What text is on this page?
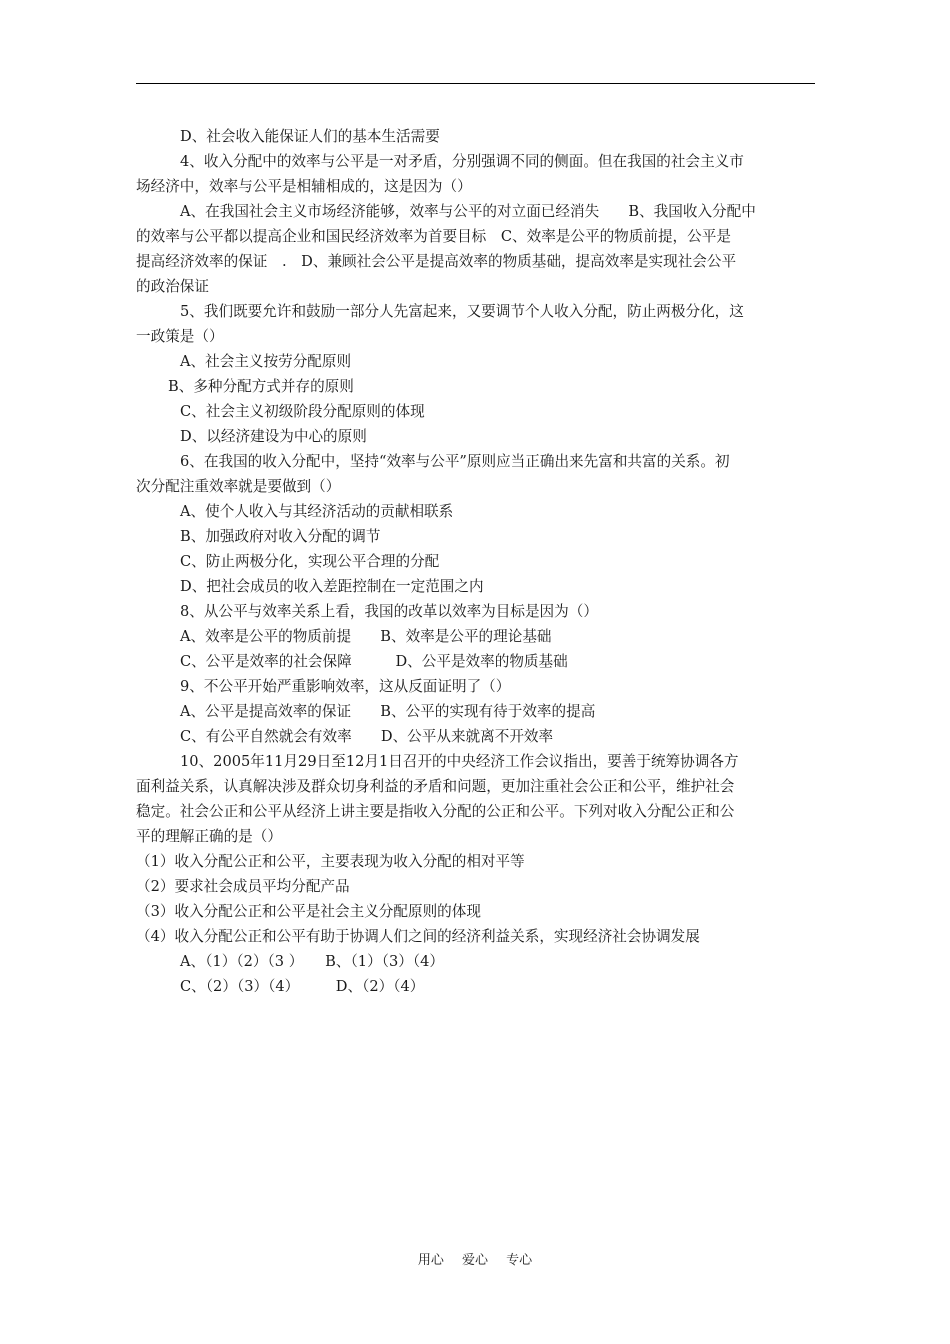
D、社会收入能保证人们的基本生活需要

4、收入分配中的效率与公平是一对矛盾，分别强调不同的侧面。但在我国的社会主义市

场经济中，效率与公平是相辅相成的，这是因为（）

A、在我国社会主义市场经济能够，效率与公平的对立面已经消失　　B、我国收入分配中

的效率与公平都以提高企业和国民经济效率为首要目标　C、效率是公平的物质前提，公平是

提高经济效率的保证　.　D、兼顾社会公平是提高效率的物质基础，提高效率是实现社会公平

的政治保证

5、我们既要允许和鼓励一部分人先富起来，又要调节个人收入分配，防止两极分化，这

一政策是（）

A、社会主义按劳分配原则

B、多种分配方式并存的原则

C、社会主义初级阶段分配原则的体现

D、以经济建设为中心的原则

6、在我国的收入分配中，坚持“效率与公平”原则应当正确出来先富和共富的关系。初

次分配注重效率就是要做到（）

A、使个人收入与其经济活动的贡献相联系

B、加强政府对收入分配的调节

C、防止两极分化，实现公平合理的分配

D、把社会成员的收入差距控制在一定范围之内

8、从公平与效率关系上看，我国的改革以效率为目标是因为（）

A、效率是公平的物质前提　　B、效率是公平的理论基础

C、公平是效率的社会保障　　　D、公平是效率的物质基础

9、不公平开始严重影响效率，这从反面证明了（）

A、公平是提高效率的保证　　B、公平的实现有待于效率的提高

C、有公平自然就会有效率　　D、公平从来就离不开效率

10、2005年11月29日至12月1日召开的中央经济工作会议指出，要善于统筹协调各方

面利益关系，认真解决涉及群众切身利益的矛盾和问题，更加注重社会公正和公平，维护社会

稳定。社会公正和公平从经济上讲主要是指收入分配的公正和公平。下列对收入分配公正和公

平的理解正确的是（）

（1）收入分配公正和公平，主要表现为收入分配的相对平等

（2）要求社会成员平均分配产品

（3）收入分配公正和公平是社会主义分配原则的体现

（4）收入分配公正和公平有助于协调人们之间的经济利益关系，实现经济社会协调发展

A、（1）（2）（3 ）　　B、（1）（3）（4）

C、（2）（3）（4）　　　D、（2）（4）

用心 爱心 专心
